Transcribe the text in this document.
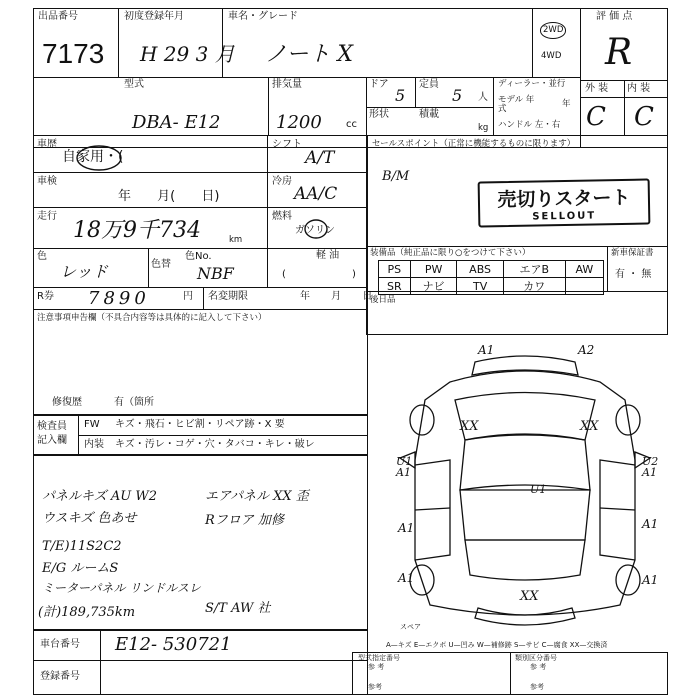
出品番号
7173
初度登録年月
H 29 3 月
車名・グレード
ノート X
2WD
4WD
評 価 点
R
型式
DBA- E12
排気量
1200 cc
ドア
5
定員
5 人
形状	積載
kg
ディーラー・並行
モデル 年式	年
ハンドル 左・右
外 装 内 装
C C
車歴
自家用・(
シフト
A/T
車検
年 月( 日)
冷房
AA/C
走行
18万9千734	km
燃料
ガソリン
軽 油
(	)
色
レッド	色替
色No.
NBF
R券 7890	円 名変期限	年 月 日
注意事項申告欄（不具合内容等は具体的に記入して下さい）
修復歴	有（箇所
セールスポイント（正常に機能するものに限ります）
B/M
売切りスタート
SELLOUT
装備品（純正品に限り○をつけて下さい）	新車保証書
有 ・ 無
PS	PW	ABS	エアB	AW
SR	ナビ	TV	カワ	
後日品
検査員 記入欄
FW キズ・飛石・ヒビ割・リペア跡・X 要
内装 キズ・汚レ・コゲ・穴・タバコ・キレ・破レ
パネルキズ AU W2
ウスキズ 色あせ
T/E)11S2C2
E/G ルームS
ミーターパネル リンドルスレ
(計)189,735km
エアパネル XX 歪
Rフロア 加修
S/T AW 社
車台番号 E12- 530721
登録番号
型式指定番号
参 考
類別区分番号
参 考
参考	参考
A—キズ E—エクボ U—凹み W—補修跡 S—サビ C—腐食 XX—交換済
A1	A2
XX	XX
U1 A1
U2 A1
U1
A1	A1
XX
A1	A1
スペア
